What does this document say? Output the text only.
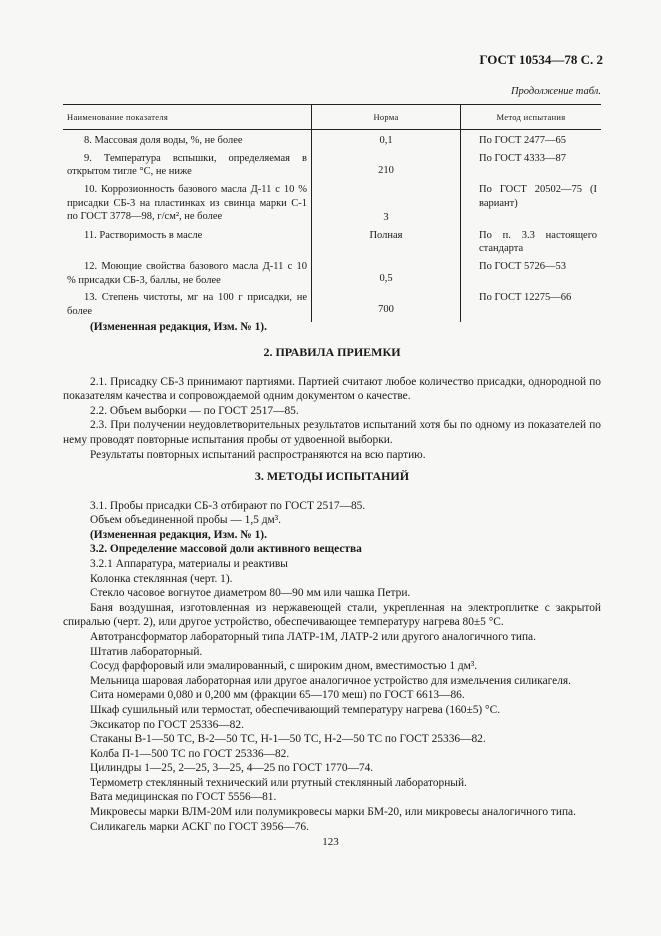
ГОСТ 10534—78 С. 2
Продолжение табл.
Наименование показателя	Норма	Метод испытания
8. Массовая доля воды, %, не более	0,1	По ГОСТ 2477—65
9. Температура вспышки, определяемая в открытом тигле °С, не ниже	210	По ГОСТ 4333—87
10. Коррозионность базового масла Д-11 с 10 % присадки СБ-3 на пластинках из свинца марки С-1 по ГОСТ 3778—98, г/см², не более	3	По ГОСТ 20502—75 (I вариант)
11. Растворимость в масле	Полная	По п. 3.3 настоящего стандарта
12. Моющие свойства базового масла Д-11 с 10 % присадки СБ-3, баллы, не более	0,5	По ГОСТ 5726—53
13. Степень чистоты, мг на 100 г присадки, не более	700	По ГОСТ 12275—66

(Измененная редакция, Изм. № 1).

2. ПРАВИЛА ПРИЕМКИ

2.1. Присадку СБ-3 принимают партиями. Партией считают любое количество присадки, однородной по показателям качества и сопровождаемой одним документом о качестве.

2.2. Объем выборки — по ГОСТ 2517—85.

2.3. При получении неудовлетворительных результатов испытаний хотя бы по одному из показателей по нему проводят повторные испытания пробы от удвоенной выборки.

Результаты повторных испытаний распространяются на всю партию.

3. МЕТОДЫ ИСПЫТАНИЙ

3.1. Пробы присадки СБ-3 отбирают по ГОСТ 2517—85.

Объем объединенной пробы — 1,5 дм³.

(Измененная редакция, Изм. № 1).

3.2. Определение массовой доли активного вещества

3.2.1 Аппаратура, материалы и реактивы

Колонка стеклянная (черт. 1).

Стекло часовое вогнутое диаметром 80—90 мм или чашка Петри.

Баня воздушная, изготовленная из нержавеющей стали, укрепленная на электроплитке с закрытой спиралью (черт. 2), или другое устройство, обеспечивающее температуру нагрева 80±5 °С.

Автотрансформатор лабораторный типа ЛАТР-1М, ЛАТР-2 или другого аналогичного типа.

Штатив лабораторный.

Сосуд фарфоровый или эмалированный, с широким дном, вместимостью 1 дм³.

Мельница шаровая лабораторная или другое аналогичное устройство для измельчения силикагеля.

Сита номерами 0,080 и 0,200 мм (фракции 65—170 меш) по ГОСТ 6613—86.

Шкаф сушильный или термостат, обеспечивающий температуру нагрева (160±5) °С.

Эксикатор по ГОСТ 25336—82.

Стаканы В-1—50 ТС, В-2—50 ТС, Н-1—50 ТС, Н-2—50 ТС по ГОСТ 25336—82.

Колба П-1—500 ТС по ГОСТ 25336—82.

Цилиндры 1—25, 2—25, 3—25, 4—25 по ГОСТ 1770—74.

Термометр стеклянный технический или ртутный стеклянный лабораторный.

Вата медицинская по ГОСТ 5556—81.

Микровесы марки ВЛМ-20М или полумикровесы марки БМ-20, или микровесы аналогичного типа.

Силикагель марки АСКГ по ГОСТ 3956—76.

123
